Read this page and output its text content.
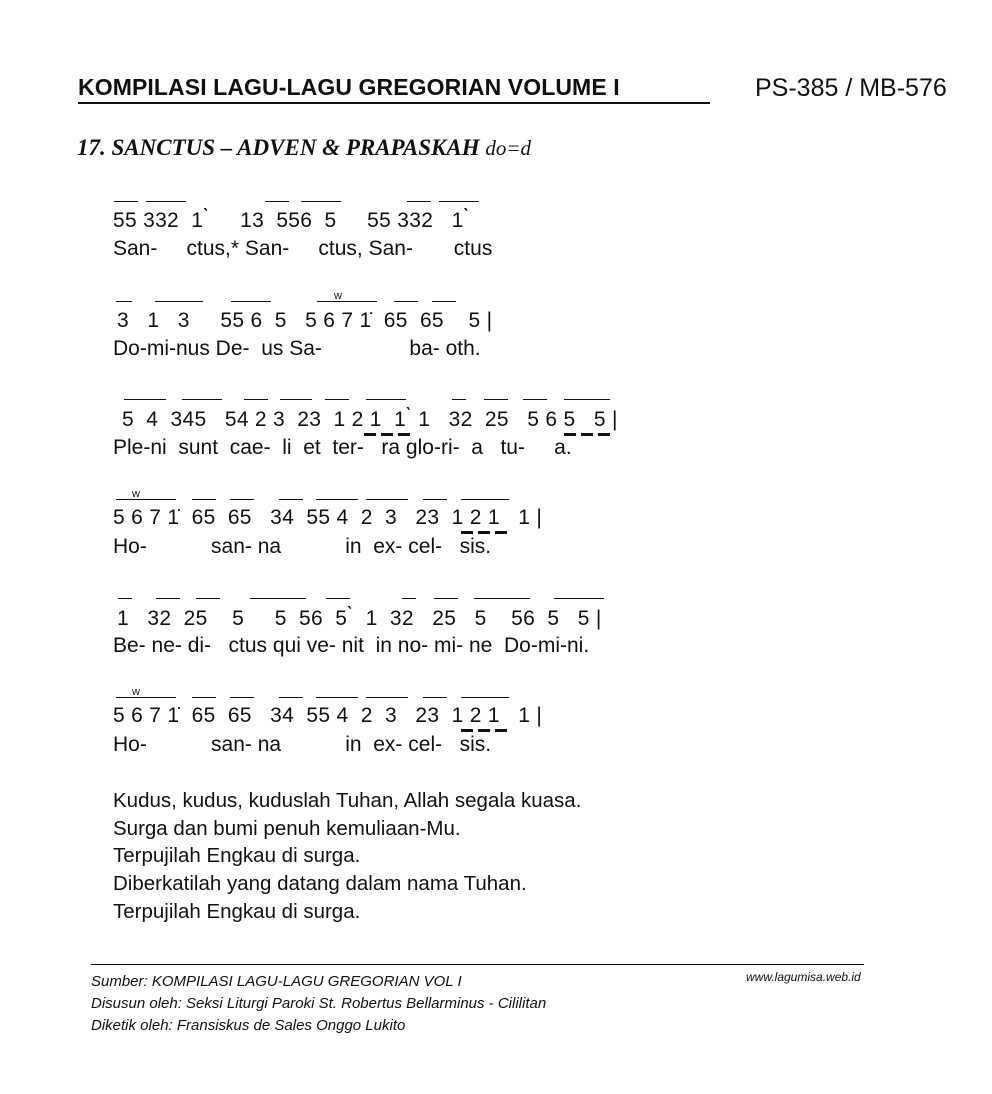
KOMPILASI LAGU-LAGU GREGORIAN VOLUME I	PS-385 / MB-576
17. SANCTUS – ADVEN & PRAPASKAH do=d
55 332  1 ̀     13  556  5     55 332   1 ̀
San-     ctus,* San-     ctus, San-       ctus
w
3   1   3     55 6  5   5 6 7 1̇  65  65    5 |
Do-mi-nus De-  us Sa-               ba- oth.
5  4  345   54 2 3  23  1 2 1  1 ̀ 1   32  25   5 6 5   5 |
Ple-ni  sunt  cae-  li  et  ter-   ra glo-ri-  a   tu-     a.
w
5 6 7 1̇  65  65   34  55 4  2  3   23  1 2 1   1 |
Ho-           san- na           in  ex- cel-   sis.
1   32  25    5     5  56  5 ̀  1  32   25   5    56  5   5 |
Be- ne- di-   ctus qui ve- nit  in no- mi- ne  Do-mi-ni.
w
5 6 7 1̇  65  65   34  55 4  2  3   23  1 2 1   1 |
Ho-           san- na           in  ex- cel-   sis.
Kudus, kudus, kuduslah Tuhan, Allah segala kuasa.
Surga dan bumi penuh kemuliaan-Mu.
Terpujilah Engkau di surga.
Diberkatilah yang datang dalam nama Tuhan.
Terpujilah Engkau di surga.
Sumber: KOMPILASI LAGU-LAGU GREGORIAN VOL I
Disusun oleh: Seksi Liturgi Paroki St. Robertus Bellarminus - Cililitan
Diketik oleh: Fransiskus de Sales Onggo Lukito
www.lagumisa.web.id
